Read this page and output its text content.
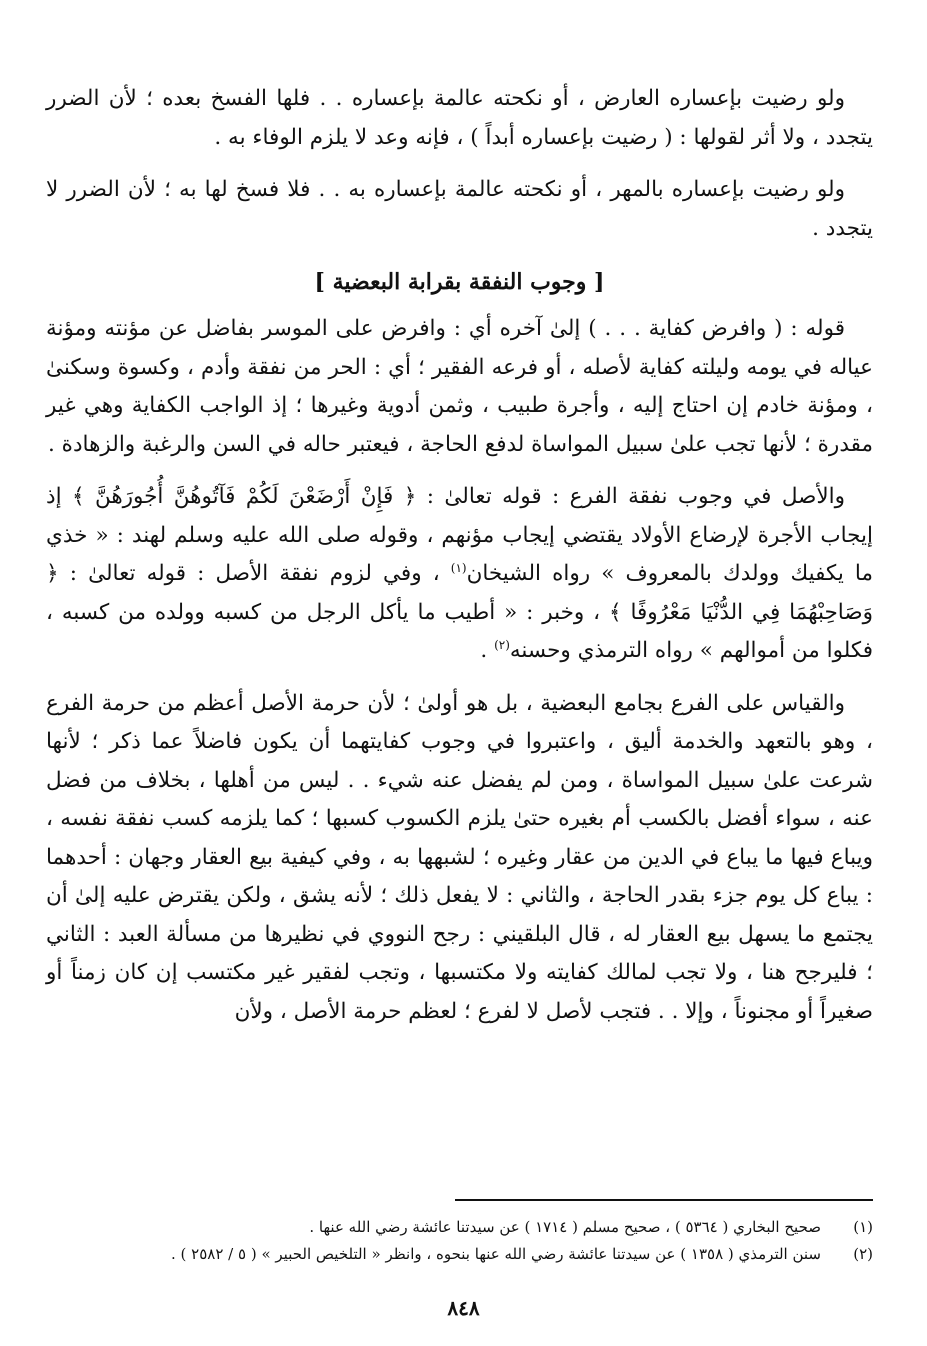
ولو رضيت بإعساره العارض ، أو نكحته عالمة بإعساره . . فلها الفسخ بعده ؛ لأن الضرر يتجدد ، ولا أثر لقولها : ( رضيت بإعساره أبداً ) ، فإنه وعد لا يلزم الوفاء به .

ولو رضيت بإعساره بالمهر ، أو نكحته عالمة بإعساره به . . فلا فسخ لها به ؛ لأن الضرر لا يتجدد .

[ وجوب النفقة بقرابة البعضية ]

قوله : ( وافرض كفاية . . . ) إلىٰ آخره أي : وافرض على الموسر بفاضل عن مؤنته ومؤنة عياله في يومه وليلته كفاية لأصله ، أو فرعه الفقير ؛ أي : الحر من نفقة وأدم ، وكسوة وسكنىٰ ، ومؤنة خادم إن احتاج إليه ، وأجرة طبيب ، وثمن أدوية وغيرها ؛ إذ الواجب الكفاية وهي غير مقدرة ؛ لأنها تجب علىٰ سبيل المواساة لدفع الحاجة ، فيعتبر حاله في السن والرغبة والزهادة .

والأصل في وجوب نفقة الفرع : قوله تعالىٰ : ﴿ فَإِنْ أَرْضَعْنَ لَكُمْ فَآتُوهُنَّ أُجُورَهُنَّ ﴾ إذ إيجاب الأجرة لإرضاع الأولاد يقتضي إيجاب مؤنهم ، وقوله صلى الله عليه وسلم لهند : « خذي ما يكفيك وولدك بالمعروف » رواه الشيخان$^{(١)}$ ، وفي لزوم نفقة الأصل : قوله تعالىٰ : ﴿ وَصَاحِبْهُمَا فِي الدُّنْيَا مَعْرُوفًا ﴾ ، وخبر : « أطيب ما يأكل الرجل من كسبه وولده من كسبه ، فكلوا من أموالهم » رواه الترمذي وحسنه$^{(٢)}$ .

والقياس على الفرع بجامع البعضية ، بل هو أولىٰ ؛ لأن حرمة الأصل أعظم من حرمة الفرع ، وهو بالتعهد والخدمة أليق ، واعتبروا في وجوب كفايتهما أن يكون فاضلاً عما ذكر ؛ لأنها شرعت علىٰ سبيل المواساة ، ومن لم يفضل عنه شيء . . ليس من أهلها ، بخلاف من فضل عنه ، سواء أفضل بالكسب أم بغيره حتىٰ يلزم الكسوب كسبها ؛ كما يلزمه كسب نفقة نفسه ، ويباع فيها ما يباع في الدين من عقار وغيره ؛ لشبهها به ، وفي كيفية بيع العقار وجهان : أحدهما : يباع كل يوم جزء بقدر الحاجة ، والثاني : لا يفعل ذلك ؛ لأنه يشق ، ولكن يقترض عليه إلىٰ أن يجتمع ما يسهل بيع العقار له ، قال البلقيني : رجح النووي في نظيرها من مسألة العبد : الثاني ؛ فليرجح هنا ، ولا تجب لمالك كفايته ولا مكتسبها ، وتجب لفقير غير مكتسب إن كان زمناً أو صغيراً أو مجنوناً ، وإلا . . فتجب لأصل لا لفرع ؛ لعظم حرمة الأصل ، ولأن

(١)
صحيح البخاري ( ٥٣٦٤ ) ، صحيح مسلم ( ١٧١٤ ) عن سيدتنا عائشة رضي الله عنها .
(٢)
سنن الترمذي ( ١٣٥٨ ) عن سيدتنا عائشة رضي الله عنها بنحوه ، وانظر « التلخيص الحبير » ( ٥ / ٢٥٨٢ ) .
٨٤٨
